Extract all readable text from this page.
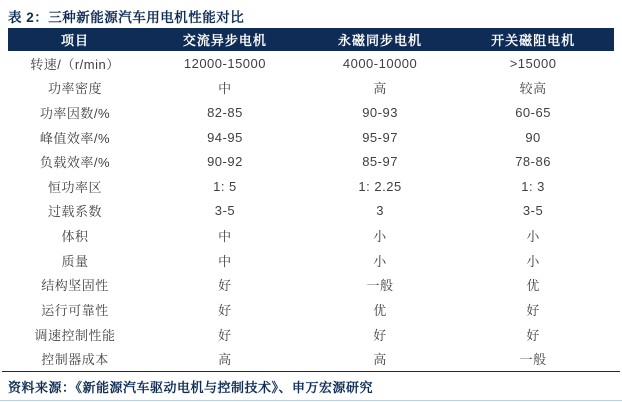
表 2：三种新能源汽车用电机性能对比
项目	交流异步电机	永磁同步电机	开关磁阻电机
转速/（r/min）	12000-15000	4000-10000	>15000
功率密度	中	高	较高
功率因数/%	82-85	90-93	60-65
峰值效率/%	94-95	95-97	90
负载效率/%	90-92	85-97	78-86
恒功率区	1: 5	1: 2.25	1: 3
过载系数	3-5	3	3-5
体积	中	小	小
质量	中	小	小
结构坚固性	好	一般	优
运行可靠性	好	优	好
调速控制性能	好	好	好
控制器成本	高	高	一般
资料来源：《新能源汽车驱动电机与控制技术》、申万宏源研究
